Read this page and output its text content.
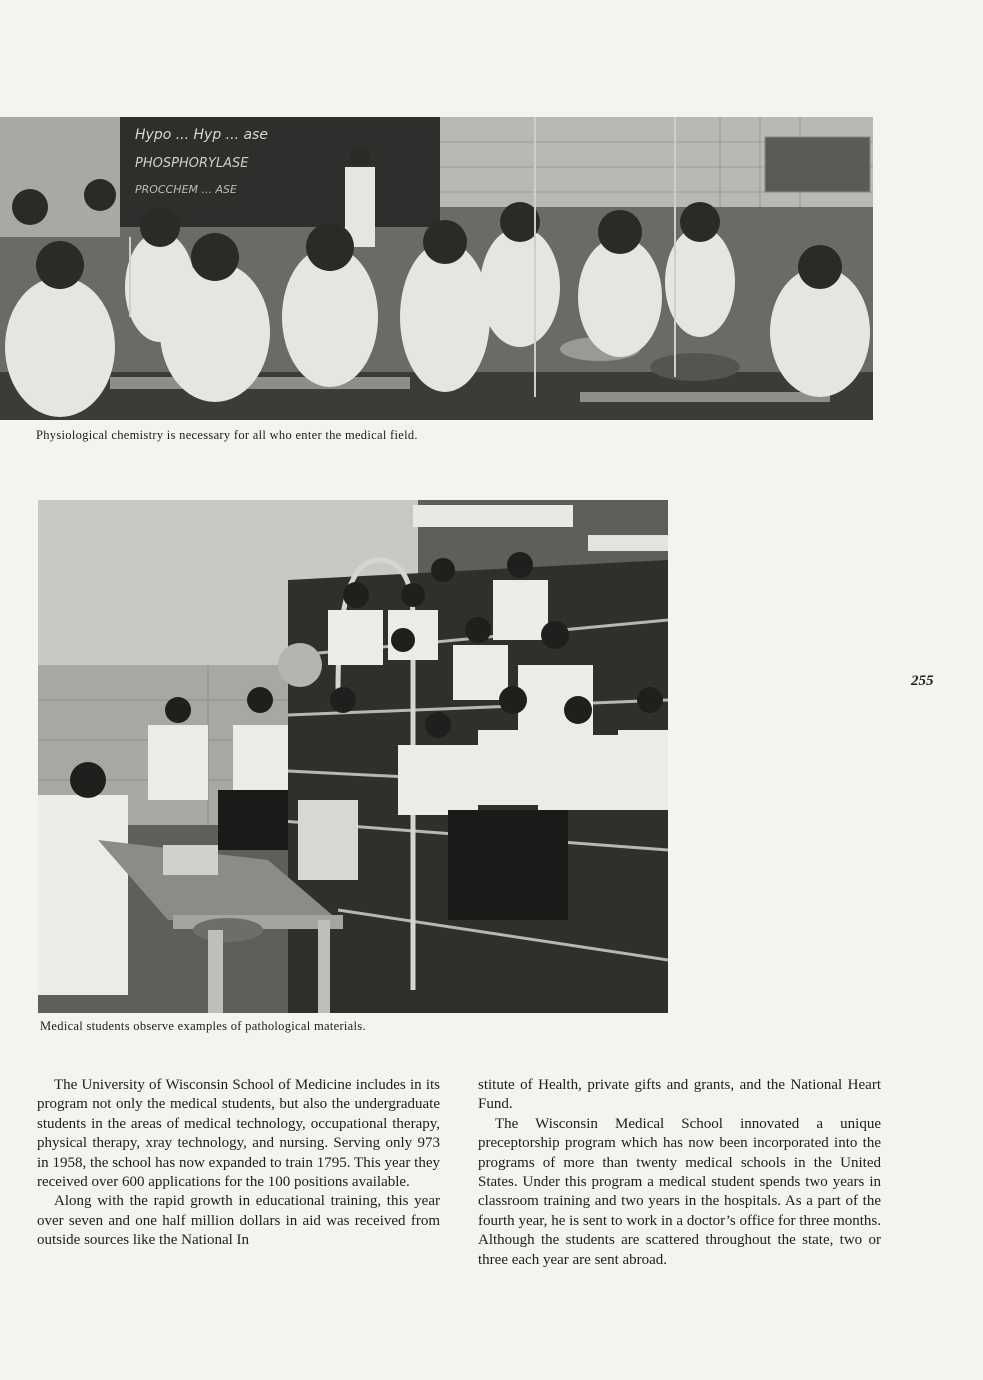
Hypo ... Hyp ... ase
PHOSPHORYLASE
PROCCHEM ... ASE
Physiological chemistry is necessary for all who enter the medical field.
Medical students observe examples of pathological materials.
255

The University of Wisconsin School of Medicine includes in its program not only the medical students, but also the undergraduate students in the areas of medical technology, occupational therapy, physical therapy, xray technology, and nursing. Serving only 973 in 1958, the school has now expanded to train 1795. This year they received over 600 applications for the 100 positions available.

Along with the rapid growth in educational training, this year over seven and one half million dollars in aid was received from outside sources like the National In

stitute of Health, private gifts and grants, and the National Heart Fund.

The Wisconsin Medical School innovated a unique preceptorship program which has now been incorporated into the programs of more than twenty medical schools in the United States. Under this program a medical student spends two years in classroom training and two years in the hospitals. As a part of the fourth year, he is sent to work in a doctor’s office for three months. Although the students are scattered throughout the state, two or three each year are sent abroad.
